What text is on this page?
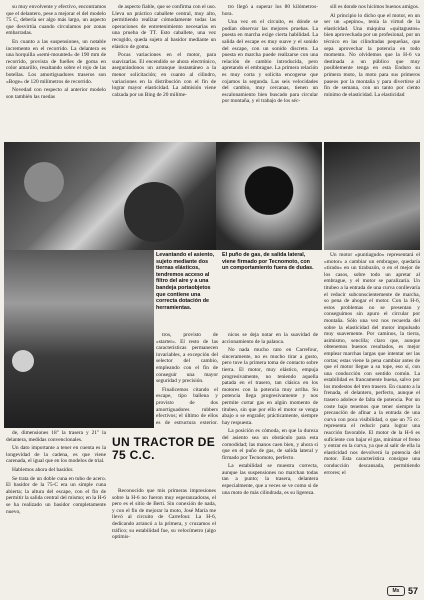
su muy envolvente y efectivo, encontramos que el delantero, pese a mejorar el del modelo 75 C, debería ser algo más largo, un aspecto que desvirtúa cuando circulamos por zonas embarradas.

En cuanto a las suspensiones, un notable incremento en el recorrido. La delantera es una horquilla «semi-mounted» de 190 mm de recorrido, provista de fuelles de goma en color amarillo, resaltando sobre el rojo de las botellas. Los amortiguadores traseros son «Boge» de 120 milímetros de recorrido.

Novedad con respecto al anterior modelo son también las ruedas

de aspecto fiable, que se confirma con el uso. Lleva un práctico caballete central, muy alto, permitiendo realizar cómodamente todas las operaciones de entretenimiento necesarias en una prueba de TT. Esto caballete, una vez recogido, queda sujeto al basidor mediante un elástico de goma.

Pocas variaciones en el motor, para suavizarlas. El encendido se ahora electrónico, asegurándonos un arranque instantáneo a la menor solicitación; en cuanto al cilindro, variaciones en la distribución con el fin de lograr mayor elasticidad. La admisión viene calzada por un Bing de 20 milíme-

tro llegó a superar los 80 kilómetros-hora.

Una vez en el circuito, es dónde se podían observar las mejores pruebas. La puesta en marcha exige cierta habilidad. La salida del escape es muy suave y el sonido del escape, con un sonido discreto. La puesta en marcha puede realizarse con una relación de cambio introducida, pero apretando el embrague. La primera relación es muy corta y solicita encogerse que cojamos la segunda. Las seis velocidades del cambio, muy cercanas, tienen un escalonamiento bien buscado para circular por montaña, y el trabajo de los séc-

sill es donde nos hicimos buenos amigos.

Al principio lo dicho que el motor, en un ser un «pepino», tenía la virtud de la elasticidad. Una máquina «quitagustos» bien aprovechada por un profesional, por un técnico en las cilindradas pequeñas, que sepa aprovechar la potencia en todo momento. No olvidemos que la H-6 va destinada a un público que muy posiblemente tenga en esta Enduro su primera moto, la moto para sus primeros paseos por la montaña y para divertirse al fin de semana, con un tanto por ciento mínimo de elasticidad. La elasticidad

Levantando el asiento, sujeto mediante dos tiernas elásticos, tendremos acceso al filtro del aire y a una bandeja portaobjetos que contiene una correcta dotación de herramientas.
El puño de gas, de salida lateral, viene firmado por Tecnomoto, con un comportamiento fuera de dudas.

tros, provisto de «starter». El resto de las características permanecen invariables, a excepción del selector del cambio, empleando con el fin de conseguir una mayor seguridad y precisión.

Finalicemos citando el escape, tipo ballena y provisto de dos amortiguadores rubbers efectivos; el último de ellos es de estructura exterior,

nicos se deja notar en la suavidad de accionamiento de la palanca.

No nada mucho rato en Carrefour, sinceramente, no es mucho tirar a gusto, pero tuve la primera toma de contacto sobre tierra. El motor, muy elástico, empuja progresivamente, no teniendo aquella patada en el trasero, tan clásica en los motores con la potencia muy arriba. Su potencia llega progresivamente y nos permite cortar gas en algún momento de titubeo, sin que por ello el motor se venga abajo o se engrañe; prácticamente, siempre hay respuesta.

La posición es cómoda, en que la dureza del asiento sea un obstáculo para esta comodidad; las manos caen bien, y ahora sí que en el puño de gas, de salida lateral y firmado por Tecnomoto, perfecto.

La estabilidad se muestra correcta, aunque las suspensiones no marchan todas tan a punto; la trasera, delantera especialmente, que a veces se ve como si de una moto de más cilindrada, es su ligereza.

Un motor «puntiagudo» representará el «motor» a cambiar un embrague, quedaría «tirado» en un tirabuzón, o en el mejor de los casos, sobre todo un apretar al embrague, y el motor se paralizaría. Un titubeo a la entrada de una curva conllevaría el reducir subconscientemente de marcha, so pena de ahogar el motor. Con la H-6, estos problemas no se presentan y conseguimos sin apuro el circular por montaña. Sólo una vez nos recuerda del sobre la elasticidad del motor impulsado muy suavemente. Por caminos, la tierra, asimismo, sencilla; claro que, aunque obtenemos buenos resultados, es mejor emplear marchas largas que intentar ser las cortas; estas viene la pena cambiar antes de que el motor llegue a su tope, eso sí, con una conducción con sentido común. La estabilidad es francamente buena, salvo por los modestos del tren trasero. En cuanto a la frenada, el delantero, perfecto, aunque el trasero adolece de falta de potencia. Por un coste bajo tenemos que tener siempre la precaución de afinar a la entrada de una curva con poca visibilidad, o que un 75 cc. representa el reducir para lograr una reacción favorable. El motor de la H-6 es suficiente con bajar el gas, minimar el freno y entrar en la curva, ya que al salir de ella la elasticidad nos devolverá la potencia del motor. Esta característica consigue una conducción descansada, permitiendo errores; el

de, dimensiones 18" la trasera y 21" la delantera, medidas convencionales.

Un dato importante a tener en cuenta es la longevidad de la cadena, es que viene carenada, el igual que en los modelos de trial.

Hablemos ahora del basidor.

Se trata de un doble cuna en tubo de acero. El basidor de la 75-C era un simple cuna abierta; la altura del escape, con el fin de permitir la salida central del mismo; en la H-6 se ha realizado un basidor completamente nuevo,

UN TRACTOR DE 75 C.C.

Reconocido que mis primeras impresiones sobre la H-6 no fueron muy esperanzadoras, el pero es el sitio de Berti. Sin conexión de nada, y con el fin de mejorar la moto, José María me llevó al circuito de Carrefour. La H-6, dedicando arrancó a la primera, y cruzamos el tráfico; su estabilidad fue, su velocímetro (algo optimis-

Mx 57
